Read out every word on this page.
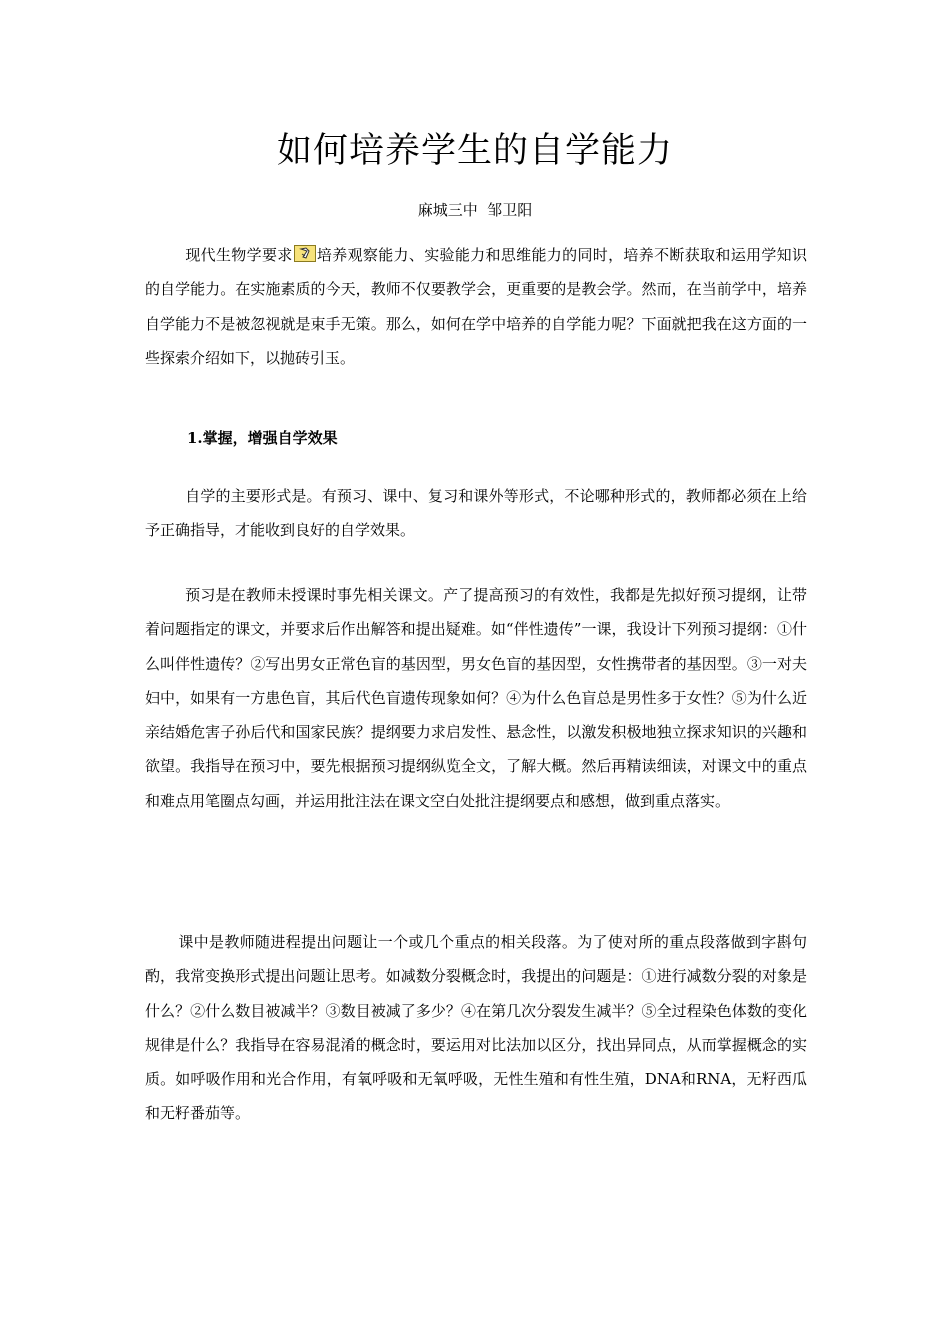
如何培养学生的自学能力
麻城三中  邹卫阳

现代生物学要求 培养观察能力、实验能力和思维能力的同时，培养不断获取和运用学知识的自学能力。在实施素质的今天，教师不仅要教学会，更重要的是教会学。然而，在当前学中，培养自学能力不是被忽视就是束手无策。那么，如何在学中培养的自学能力呢？下面就把我在这方面的一些探索介绍如下，以抛砖引玉。

1.掌握，增强自学效果

自学的主要形式是。有预习、课中、复习和课外等形式，不论哪种形式的，教师都必须在上给予正确指导，才能收到良好的自学效果。

预习是在教师未授课时事先相关课文。产了提高预习的有效性，我都是先拟好预习提纲，让带着问题指定的课文，并要求后作出解答和提出疑难。如“伴性遗传”一课，我设计下列预习提纲：①什么叫伴性遗传？②写出男女正常色盲的基因型，男女色盲的基因型，女性携带者的基因型。③一对夫妇中，如果有一方患色盲，其后代色盲遗传现象如何？④为什么色盲总是男性多于女性？⑤为什么近亲结婚危害子孙后代和国家民族？提纲要力求启发性、悬念性，以激发积极地独立探求知识的兴趣和欲望。我指导在预习中，要先根据预习提纲纵览全文，了解大概。然后再精读细读，对课文中的重点和难点用笔圈点勾画，并运用批注法在课文空白处批注提纲要点和感想，做到重点落实。

课中是教师随进程提出问题让一个或几个重点的相关段落。为了使对所的重点段落做到字斟句酌，我常变换形式提出问题让思考。如减数分裂概念时，我提出的问题是：①进行减数分裂的对象是什么？②什么数目被减半？③数目被减了多少？④在第几次分裂发生减半？⑤全过程染色体数的变化规律是什么？我指导在容易混淆的概念时，要运用对比法加以区分，找出异同点，从而掌握概念的实质。如呼吸作用和光合作用，有氧呼吸和无氧呼吸，无性生殖和有性生殖，DNA和RNA，无籽西瓜和无籽番茄等。
